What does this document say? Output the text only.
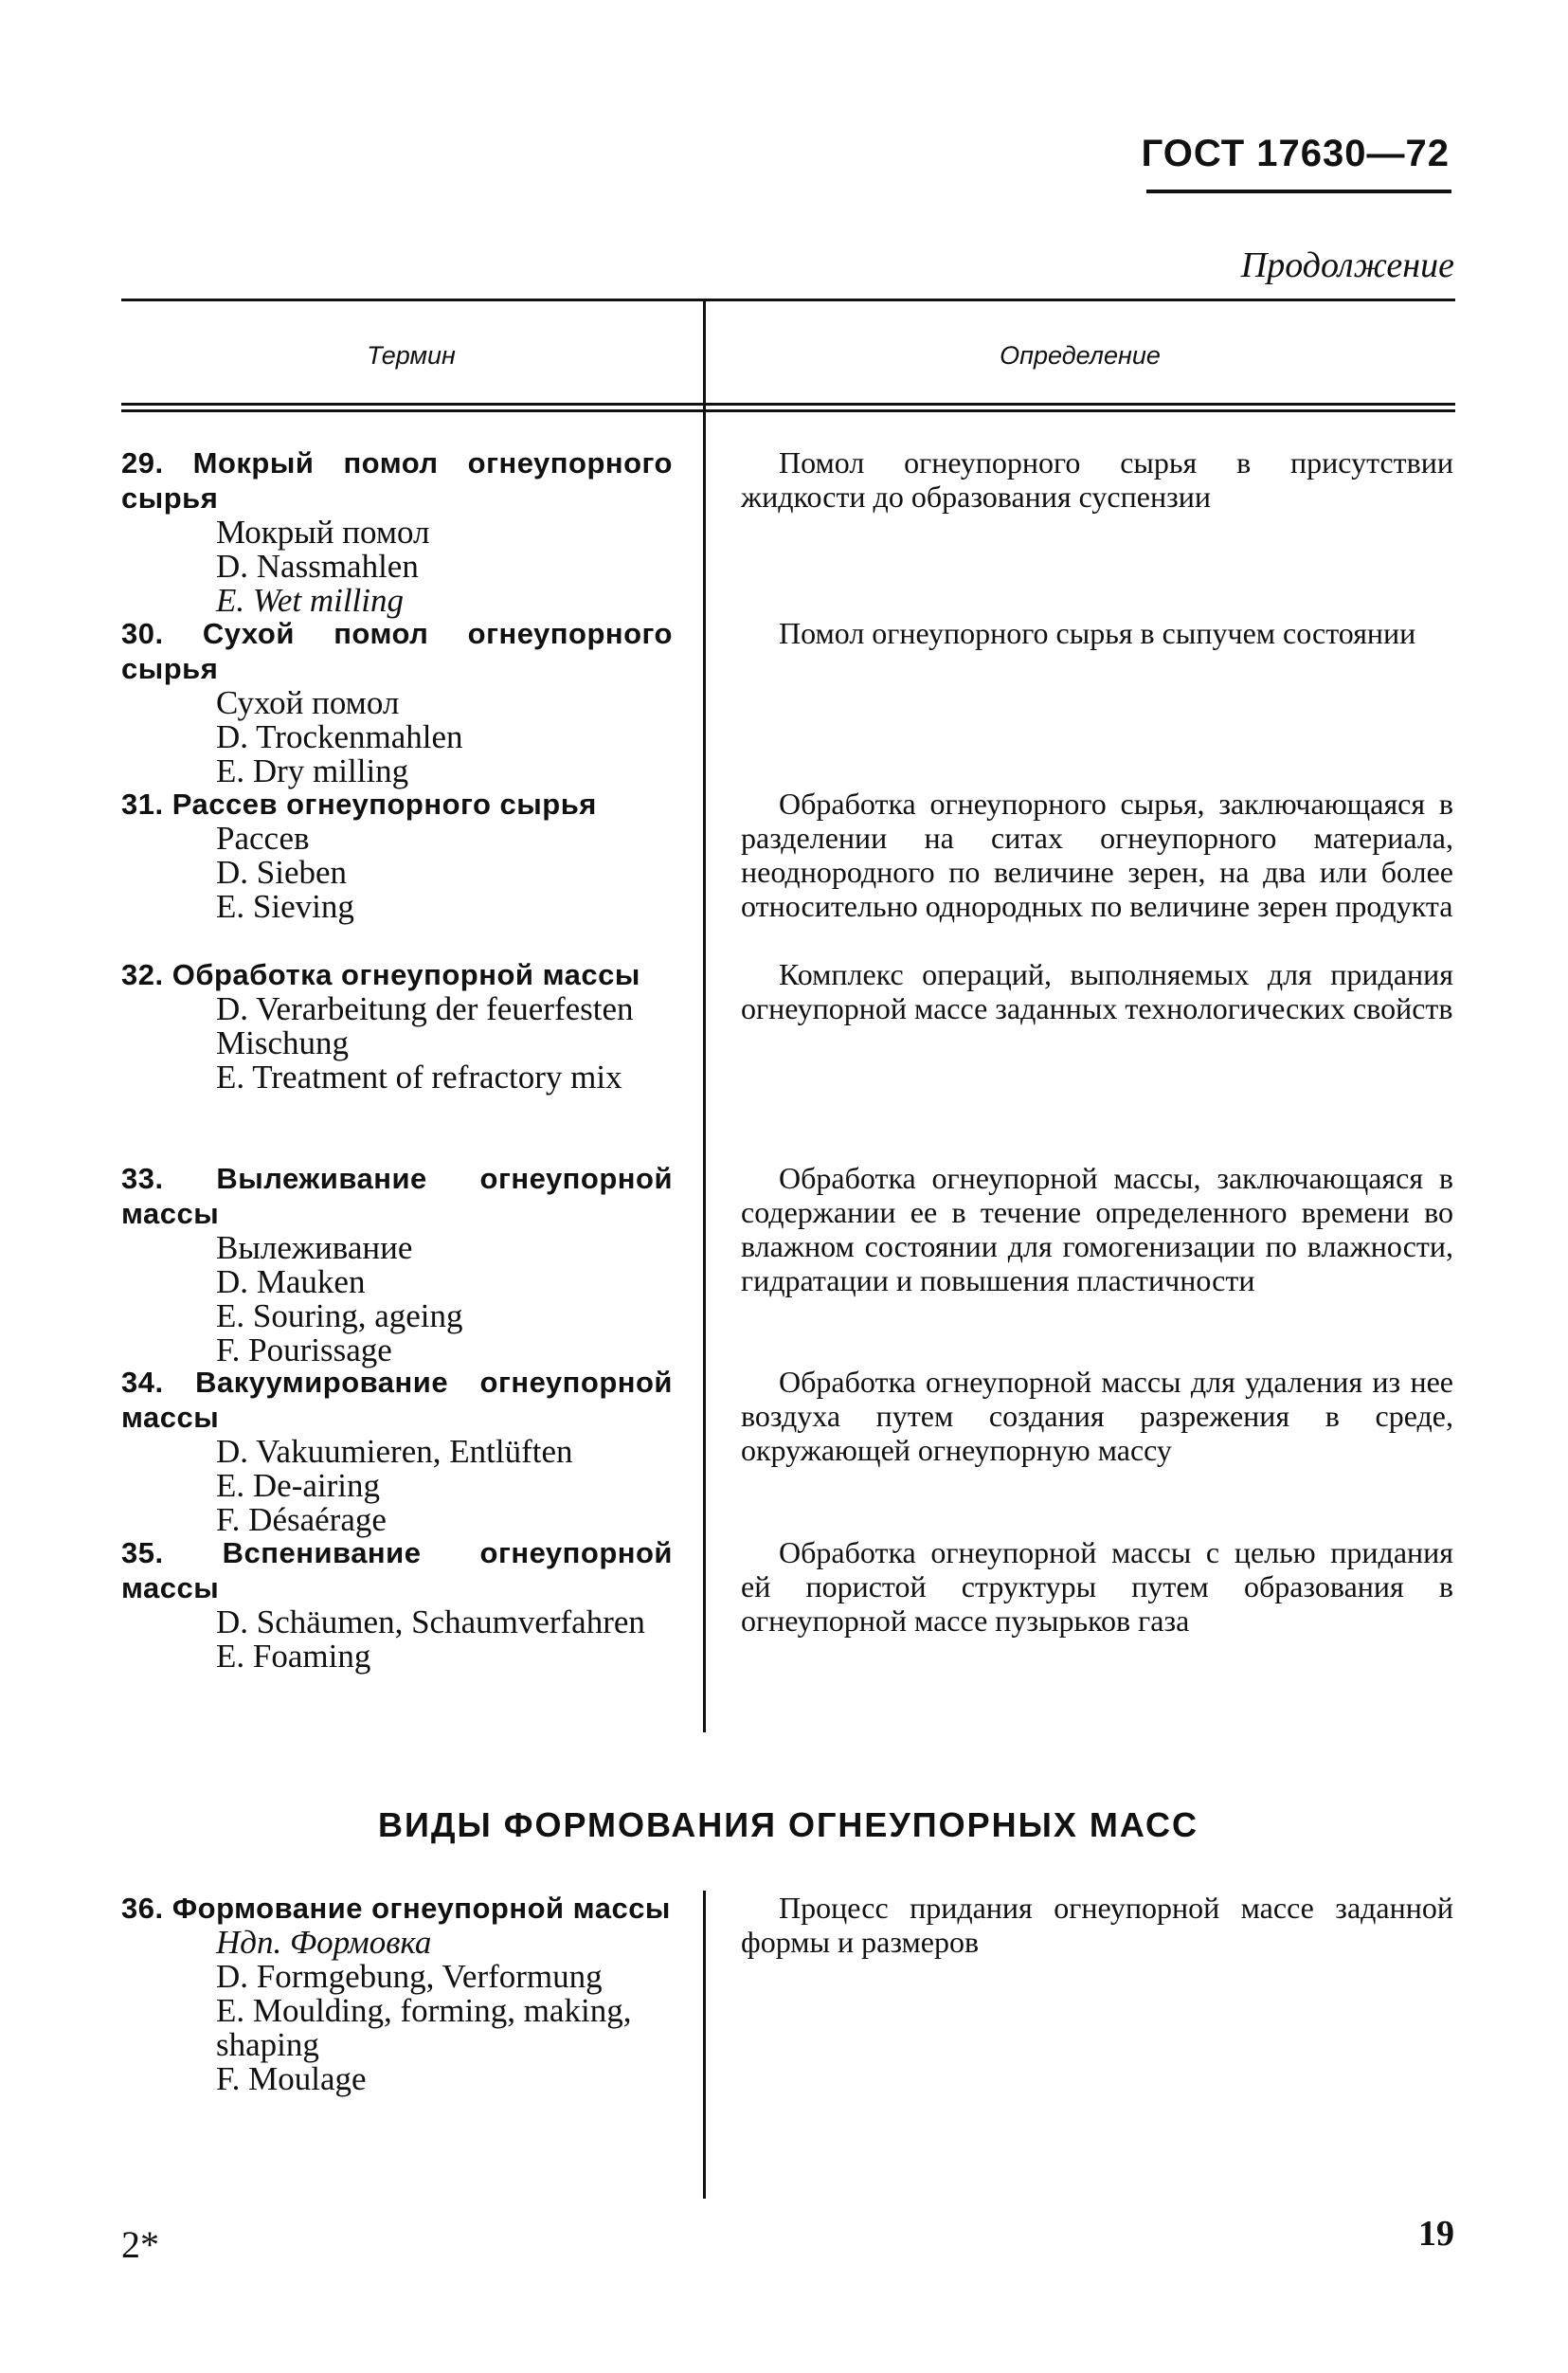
ГОСТ 17630—72
Продолжение
Термин	Определение
29. Мокрый помол огнеупорного сырья
Мокрый помол
D. Nassmahlen
E. Wet milling

Помол огнеупорного сырья в присутствии жидкости до образования суспензии

30. Сухой помол огнеупорного сырья
Сухой помол
D. Trockenmahlen
E. Dry milling

Помол огнеупорного сырья в сыпучем состоянии

31. Рассев огнеупорного сырья
Рассев
D. Sieben
E. Sieving

Обработка огнеупорного сырья, заключающаяся в разделении на ситах огнеупорного материала, неоднородного по величине зерен, на два или более относительно однородных по величине зерен продукта

32. Обработка огнеупорной массы
D. Verarbeitung der feuerfesten Mischung
E. Treatment of refractory mix

Комплекс операций, выполняемых для придания огнеупорной массе заданных технологических свойств

33. Вылеживание огнеупорной массы
Вылеживание
D. Mauken
E. Souring, ageing
F. Pourissage

Обработка огнеупорной массы, заключающаяся в содержании ее в течение определенного времени во влажном состоянии для гомогенизации по влажности, гидратации и повышения пластичности

34. Вакуумирование огнеупорной массы
D. Vakuumieren, Entlüften
E. De-airing
F. Désaérage

Обработка огнеупорной массы для удаления из нее воздуха путем создания разрежения в среде, окружающей огнеупорную массу

35. Вспенивание огнеупорной массы
D. Schäumen, Schaumverfahren
E. Foaming

Обработка огнеупорной массы с целью придания ей пористой структуры путем образования в огнеупорной массе пузырьков газа

ВИДЫ ФОРМОВАНИЯ ОГНЕУПОРНЫХ МАСС
36. Формование огнеупорной массы
Ндп. Формовка
D. Formgebung, Verformung
E. Moulding, forming, making, shaping
F. Moulage

Процесс придания огнеупорной массе заданной формы и размеров

2*	19
